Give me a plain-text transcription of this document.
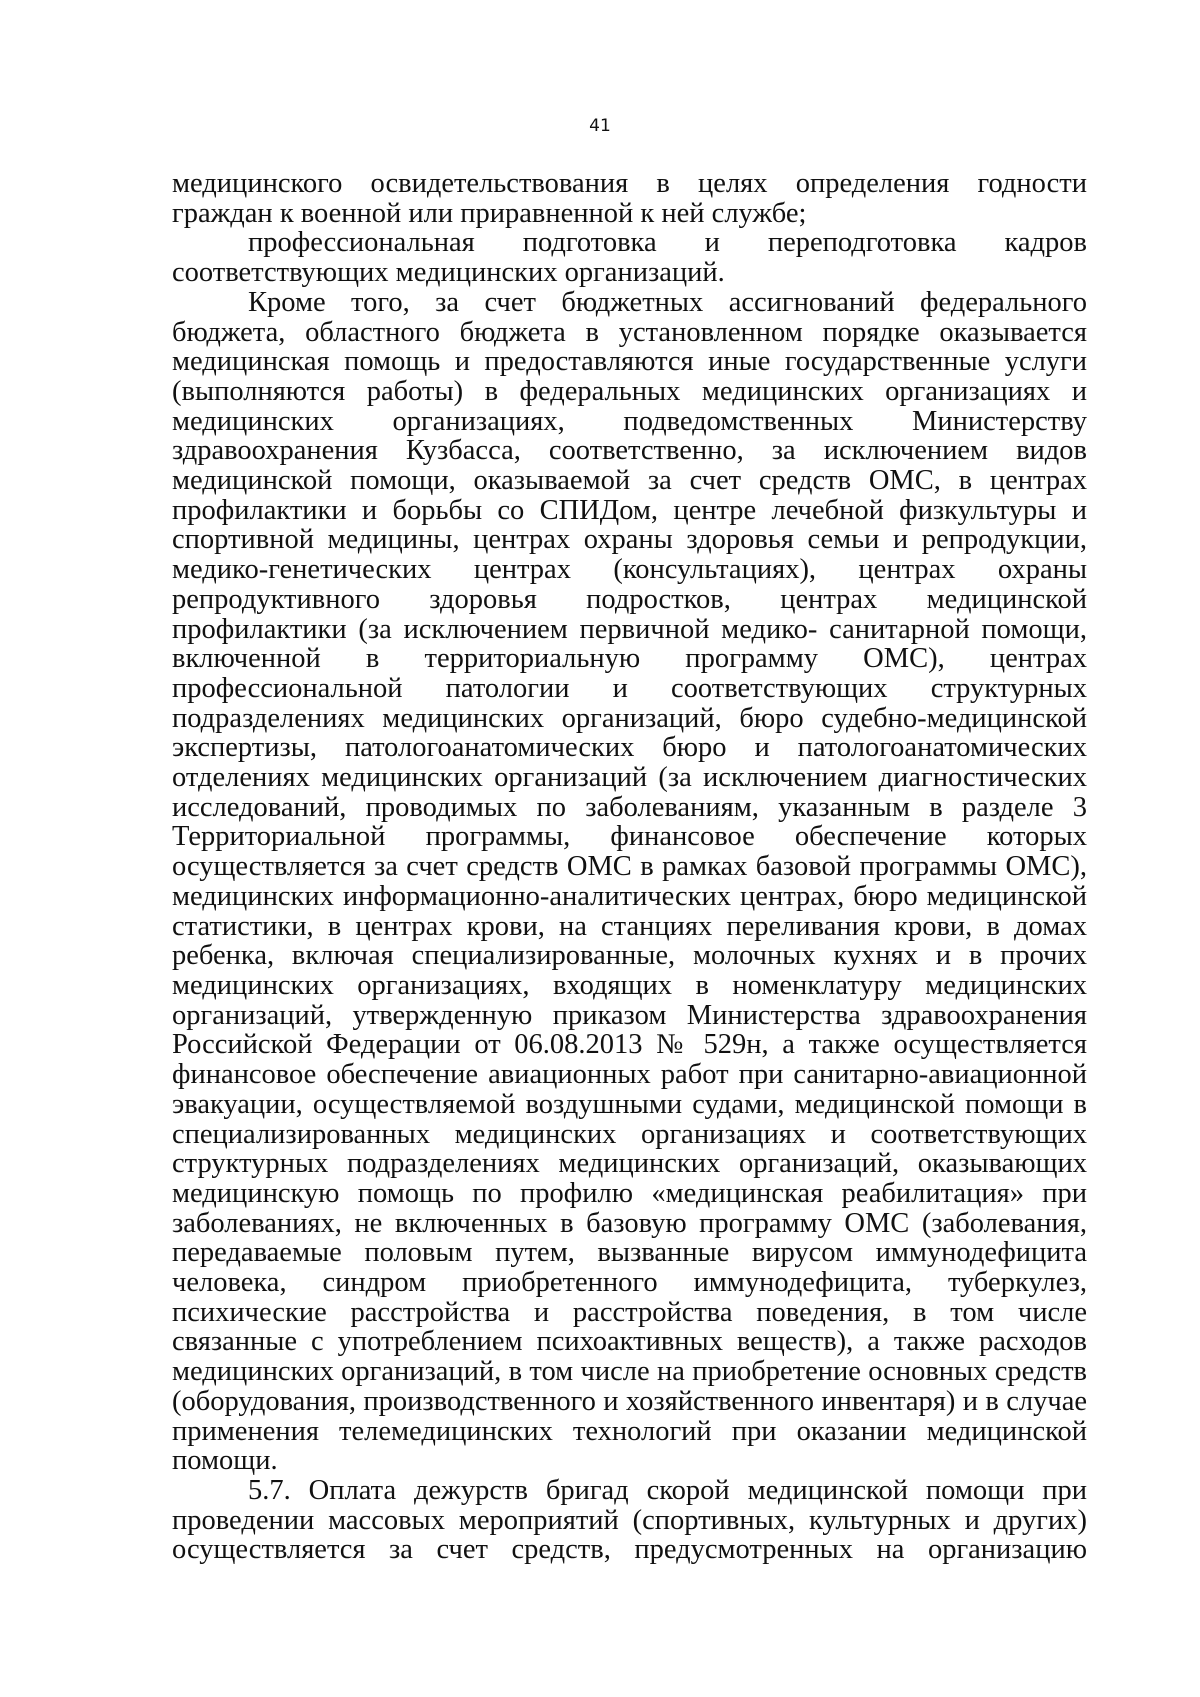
41

медицинского освидетельствования в целях определения годности граждан к военной или приравненной к ней службе;

профессиональная подготовка и переподготовка кадров соответствующих медицинских организаций.

Кроме того, за счет бюджетных ассигнований федерального бюджета, областного бюджета в установленном порядке оказывается медицинская помощь и предоставляются иные государственные услуги (выполняются работы) в федеральных медицинских организациях и медицинских организациях, подведомственных Министерству здравоохранения Кузбасса, соответственно, за исключением видов медицинской помощи, оказываемой за счет средств ОМС, в центрах профилактики и борьбы со СПИДом, центре лечебной физкультуры и спортивной медицины, центрах охраны здоровья семьи и репродукции, медико-генетических центрах (консультациях), центрах охраны репродуктивного здоровья подростков, центрах медицинской профилактики (за исключением первичной медико- санитарной помощи, включенной в территориальную программу ОМС), центрах профессиональной патологии и соответствующих структурных подразделениях медицинских организаций, бюро судебно-медицинской экспертизы, патологоанатомических бюро и патологоанатомических отделениях медицинских организаций (за исключением диагностических исследований, проводимых по заболеваниям, указанным в разделе 3 Территориальной программы, финансовое обеспечение которых осуществляется за счет средств ОМС в рамках базовой программы ОМС), медицинских информационно-аналитических центрах, бюро медицинской статистики, в центрах крови, на станциях переливания крови, в домах ребенка, включая специализированные, молочных кухнях и в прочих медицинских организациях, входящих в номенклатуру медицинских организаций, утвержденную приказом Министерства здравоохранения Российской Федерации от 06.08.2013 № 529н, а также осуществляется финансовое обеспечение авиационных работ при санитарно-авиационной эвакуации, осуществляемой воздушными судами, медицинской помощи в специализированных медицинских организациях и соответствующих структурных подразделениях медицинских организаций, оказывающих медицинскую помощь по профилю «медицинская реабилитация» при заболеваниях, не включенных в базовую программу ОМС (заболевания, передаваемые половым путем, вызванные вирусом иммунодефицита человека, синдром приобретенного иммунодефицита, туберкулез, психические расстройства и расстройства поведения, в том числе связанные с употреблением психоактивных веществ), а также расходов медицинских организаций, в том числе на приобретение основных средств (оборудования, производственного и хозяйственного инвентаря) и в случае применения телемедицинских технологий при оказании медицинской помощи.

5.7. Оплата дежурств бригад скорой медицинской помощи при проведении массовых мероприятий (спортивных, культурных и других) осуществляется за счет средств, предусмотренных на организацию
